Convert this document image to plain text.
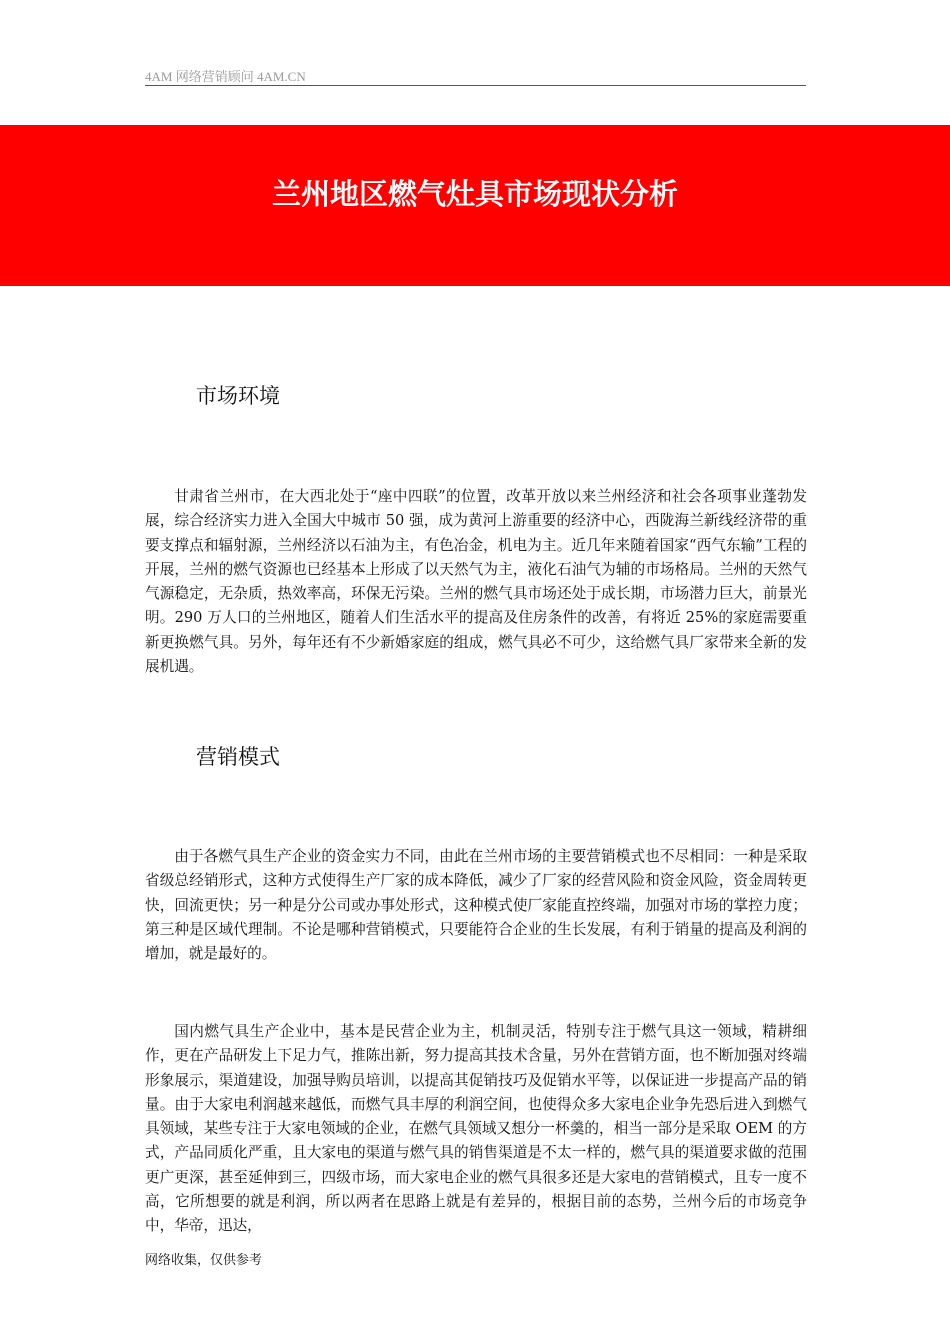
4AM 网络营销顾问 4AM.CN
兰州地区燃气灶具市场现状分析
市场环境
甘肃省兰州市，在大西北处于“座中四联”的位置，改革开放以来兰州经济和社会各项事业蓬勃发展，综合经济实力进入全国大中城市 50 强，成为黄河上游重要的经济中心，西陇海兰新线经济带的重要支撑点和辐射源，兰州经济以石油为主，有色冶金，机电为主。近几年来随着国家“西气东输”工程的开展，兰州的燃气资源也已经基本上形成了以天然气为主，液化石油气为辅的市场格局。兰州的天然气气源稳定，无杂质，热效率高，环保无污染。兰州的燃气具市场还处于成长期，市场潜力巨大，前景光明。290 万人口的兰州地区，随着人们生活水平的提高及住房条件的改善，有将近 25%的家庭需要重新更换燃气具。另外，每年还有不少新婚家庭的组成，燃气具必不可少，这给燃气具厂家带来全新的发展机遇。
营销模式
由于各燃气具生产企业的资金实力不同，由此在兰州市场的主要营销模式也不尽相同：一种是采取省级总经销形式，这种方式使得生产厂家的成本降低，减少了厂家的经营风险和资金风险，资金周转更快，回流更快；另一种是分公司或办事处形式，这种模式使厂家能直控终端，加强对市场的掌控力度；第三种是区域代理制。不论是哪种营销模式，只要能符合企业的生长发展，有利于销量的提高及利润的增加，就是最好的。
国内燃气具生产企业中，基本是民营企业为主，机制灵活，特别专注于燃气具这一领域，精耕细作，更在产品研发上下足力气，推陈出新，努力提高其技术含量，另外在营销方面，也不断加强对终端形象展示，渠道建设，加强导购员培训，以提高其促销技巧及促销水平等，以保证进一步提高产品的销量。由于大家电利润越来越低，而燃气具丰厚的利润空间，也使得众多大家电企业争先恐后进入到燃气具领域，某些专注于大家电领域的企业，在燃气具领域又想分一杯羹的，相当一部分是采取 OEM 的方式，产品同质化严重，且大家电的渠道与燃气具的销售渠道是不太一样的，燃气具的渠道要求做的范围更广更深，甚至延伸到三，四级市场，而大家电企业的燃气具很多还是大家电的营销模式，且专一度不高，它所想要的就是利润，所以两者在思路上就是有差异的，根据目前的态势，兰州今后的市场竞争中，华帝，迅达，
网络收集，仅供参考
